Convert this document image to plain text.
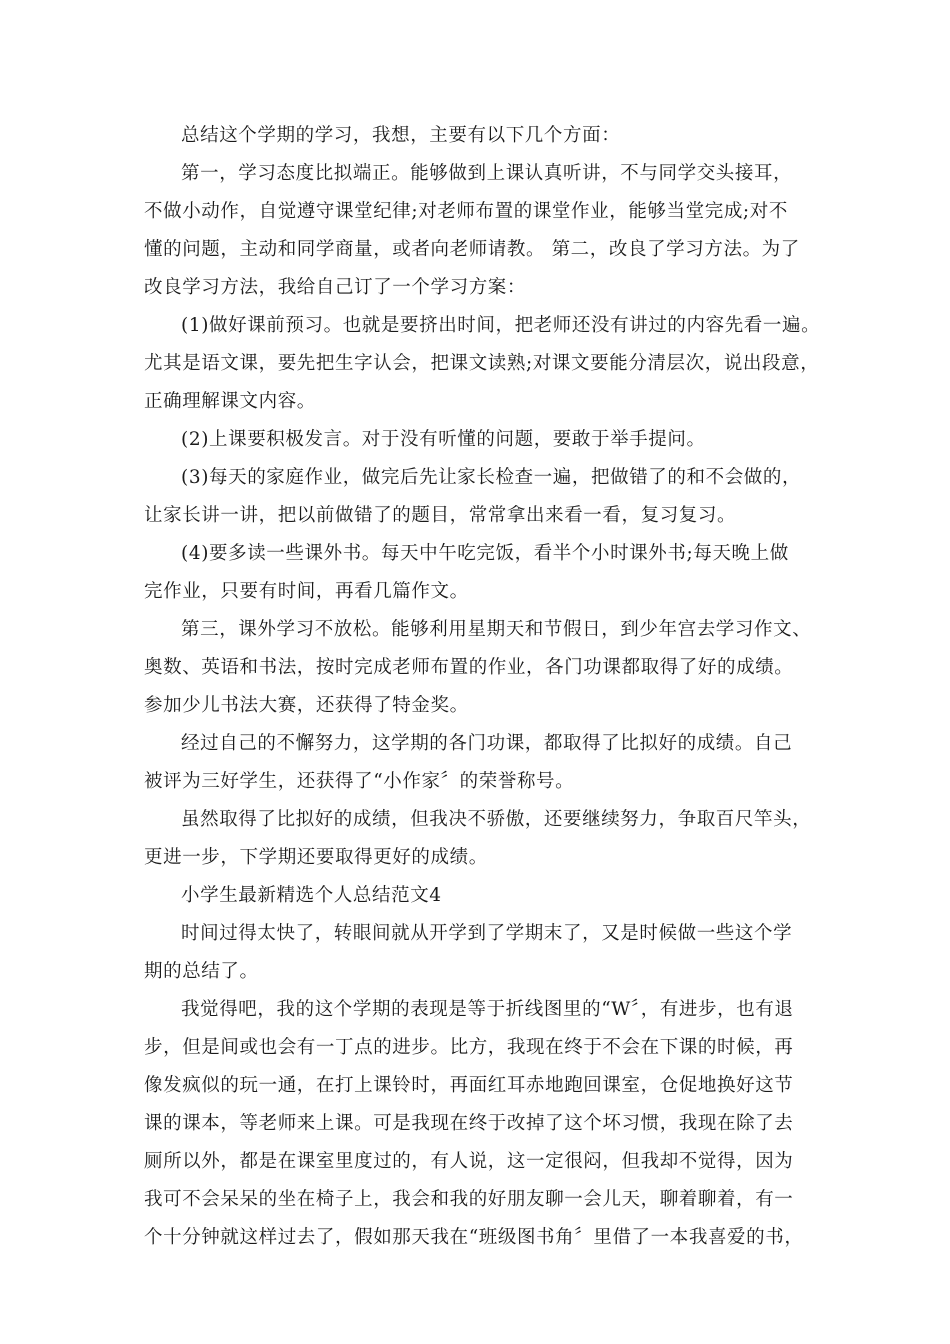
总结这个学期的学习，我想，主要有以下几个方面：
第一，学习态度比拟端正。能够做到上课认真听讲，不与同学交头接耳，
不做小动作，自觉遵守课堂纪律;对老师布置的课堂作业，能够当堂完成;对不
懂的问题，主动和同学商量，或者向老师请教。 第二，改良了学习方法。为了
改良学习方法，我给自己订了一个学习方案：
(1)做好课前预习。也就是要挤出时间，把老师还没有讲过的内容先看一遍。
尤其是语文课，要先把生字认会，把课文读熟;对课文要能分清层次，说出段意，
正确理解课文内容。
(2)上课要积极发言。对于没有听懂的问题，要敢于举手提问。
(3)每天的家庭作业，做完后先让家长检查一遍，把做错了的和不会做的，
让家长讲一讲，把以前做错了的题目，常常拿出来看一看，复习复习。
(4)要多读一些课外书。每天中午吃完饭，看半个小时课外书;每天晚上做
完作业，只要有时间，再看几篇作文。
第三，课外学习不放松。能够利用星期天和节假日，到少年宫去学习作文、
奥数、英语和书法，按时完成老师布置的作业，各门功课都取得了好的成绩。
参加少儿书法大赛，还获得了特金奖。
经过自己的不懈努力，这学期的各门功课，都取得了比拟好的成绩。自己
被评为三好学生，还获得了“小作家〞的荣誉称号。
虽然取得了比拟好的成绩，但我决不骄傲，还要继续努力，争取百尺竿头，
更进一步，下学期还要取得更好的成绩。
小学生最新精选个人总结范文4
时间过得太快了，转眼间就从开学到了学期末了，又是时候做一些这个学
期的总结了。
我觉得吧，我的这个学期的表现是等于折线图里的“W〞，有进步，也有退
步，但是间或也会有一丁点的进步。比方，我现在终于不会在下课的时候，再
像发疯似的玩一通，在打上课铃时，再面红耳赤地跑回课室，仓促地换好这节
课的课本，等老师来上课。可是我现在终于改掉了这个坏习惯，我现在除了去
厕所以外，都是在课室里度过的，有人说，这一定很闷，但我却不觉得，因为
我可不会呆呆的坐在椅子上，我会和我的好朋友聊一会儿天，聊着聊着，有一
个十分钟就这样过去了，假如那天我在“班级图书角〞里借了一本我喜爱的书，
